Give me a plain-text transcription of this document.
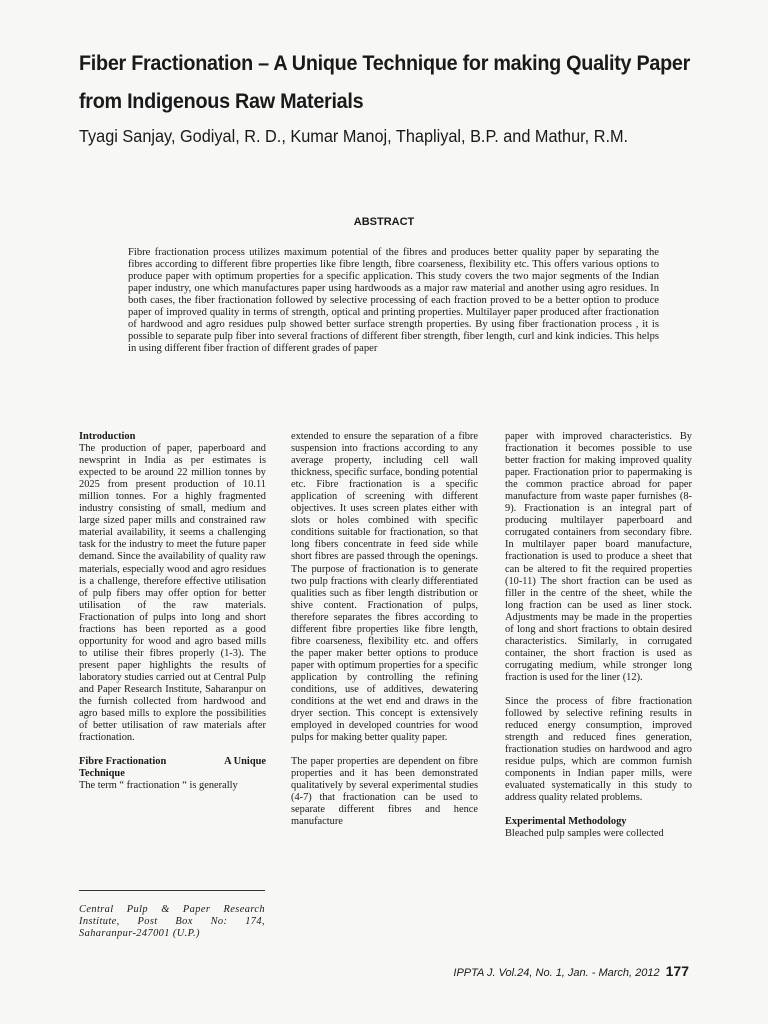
Fiber Fractionation – A Unique Technique for making Quality Paper from Indigenous Raw Materials
Tyagi Sanjay, Godiyal, R. D., Kumar Manoj, Thapliyal, B.P. and Mathur, R.M.
ABSTRACT
Fibre fractionation process utilizes maximum potential of the fibres and produces better quality paper by separating the fibres according to different fibre properties like fibre length, fibre coarseness, flexibility etc. This offers various options to produce paper with optimum properties for a specific application. This study covers the two major segments of the Indian paper industry, one which manufactures paper using hardwoods as a major raw material and another using agro residues. In both cases, the fiber fractionation followed by selective processing of each fraction proved to be a better option to produce paper of improved quality in terms of strength, optical and printing properties. Multilayer paper produced after fractionation of hardwood and agro residues pulp showed better surface strength properties. By using fiber fractionation process , it is possible to separate pulp fiber into several fractions of different fiber strength, fiber length, curl and kink indicies. This helps in using different fiber fraction of different grades of paper
Introduction

The production of paper, paperboard and newsprint in India as per estimates is expected to be around 22 million tonnes by 2025 from present production of 10.11 million tonnes. For a highly fragmented industry consisting of small, medium and large sized paper mills and constrained raw material availability, it seems a challenging task for the industry to meet the future paper demand. Since the availability of quality raw materials, especially wood and agro residues is a challenge, therefore effective utilisation of pulp fibers may offer option for better utilisation of the raw materials. Fractionation of pulps into long and short fractions has been reported as a good opportunity for wood and agro based mills to utilise their fibres properly (1-3). The present paper highlights the results of laboratory studies carried out at Central Pulp and Paper Research Institute, Saharanpur on the furnish collected from hardwood and agro based mills to explore the possibilities of better utilisation of raw materials after fractionation.

Fibre Fractionation	A Unique
Technique

The term “ fractionation “ is generally

Central Pulp & Paper Research Institute, Post Box No: 174, Saharanpur-247001 (U.P.)

extended to ensure the separation of a fibre suspension into fractions according to any average property, including cell wall thickness, specific surface, bonding potential etc. Fibre fractionation is a specific application of screening with different objectives. It uses screen plates either with slots or holes combined with specific conditions suitable for fractionation, so that long fibers concentrate in feed side while short fibres are passed through the openings. The purpose of fractionation is to generate two pulp fractions with clearly differentiated qualities such as fiber length distribution or shive content. Fractionation of pulps, therefore separates the fibres according to different fibre properties like fibre length, fibre coarseness, flexibility etc. and offers the paper maker better options to produce paper with optimum properties for a specific application by controlling the refining conditions, use of additives, dewatering conditions at the wet end and draws in the dryer section. This concept is extensively employed in developed countries for wood pulps for making better quality paper.

The paper properties are dependent on fibre properties and it has been demonstrated qualitatively by several experimental studies (4-7) that fractionation can be used to separate different fibres and hence manufacture

paper with improved characteristics. By fractionation it becomes possible to use better fraction for making improved quality paper. Fractionation prior to papermaking is the common practice abroad for paper manufacture from waste paper furnishes (8-9). Fractionation is an integral part of producing multilayer paperboard and corrugated containers from secondary fibre. In multilayer paper board manufacture, fractionation is used to produce a sheet that can be altered to fit the required properties (10-11) The short fraction can be used as filler in the centre of the sheet, while the long fraction can be used as liner stock. Adjustments may be made in the properties of long and short fractions to obtain desired characteristics. Similarly, in corrugated container, the short fraction is used as corrugating medium, while stronger long fraction is used for the liner (12).

Since the process of fibre fractionation followed by selective refining results in reduced energy consumption, improved strength and reduced fines generation, fractionation studies on hardwood and agro residue pulps, which are common furnish components in Indian paper mills, were evaluated systematically in this study to address quality related problems.

Experimental Methodology

Bleached pulp samples were collected

IPPTA J. Vol.24, No. 1, Jan. - March, 2012 177
